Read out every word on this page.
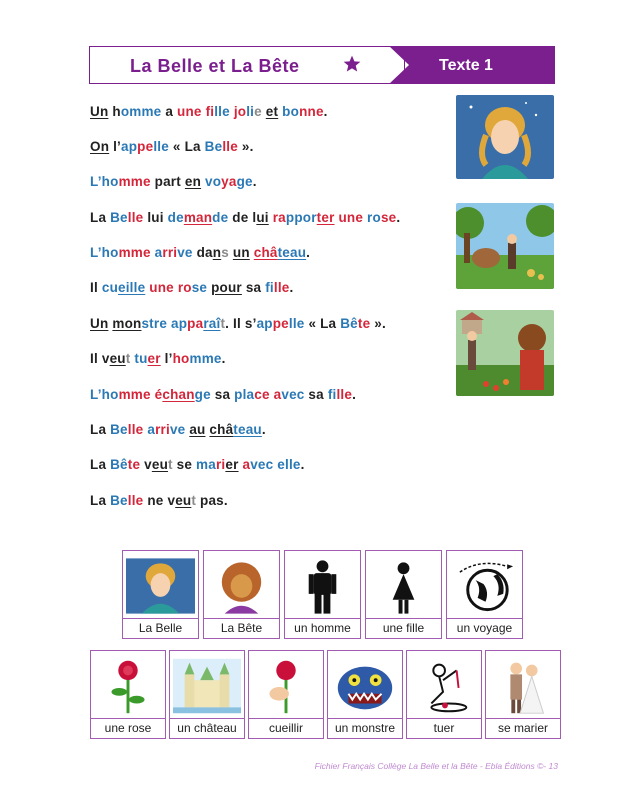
La Belle et La Bête	Texte 1
Un homme a une fille jolie et bonne.
On l’appelle « La Belle ».
L’homme part en voyage.
La Belle lui demande de lui rapporter une rose.
L’homme arrive dans un château.
Il cueille une rose pour sa fille.
Un monstre apparaît. Il s’appelle « La Bête ».
Il veut tuer l’homme.
L’homme échange sa place avec sa fille.
La Belle arrive au château.
La Bête veut se marier avec elle.
La Belle ne veut pas.
La Belle	La Bête	un homme	une fille	un voyage
une rose	un château	cueillir	un monstre	tuer	se marier
Fichier Français Collège La Belle et la Bête - Ebla Éditions ©- 13
